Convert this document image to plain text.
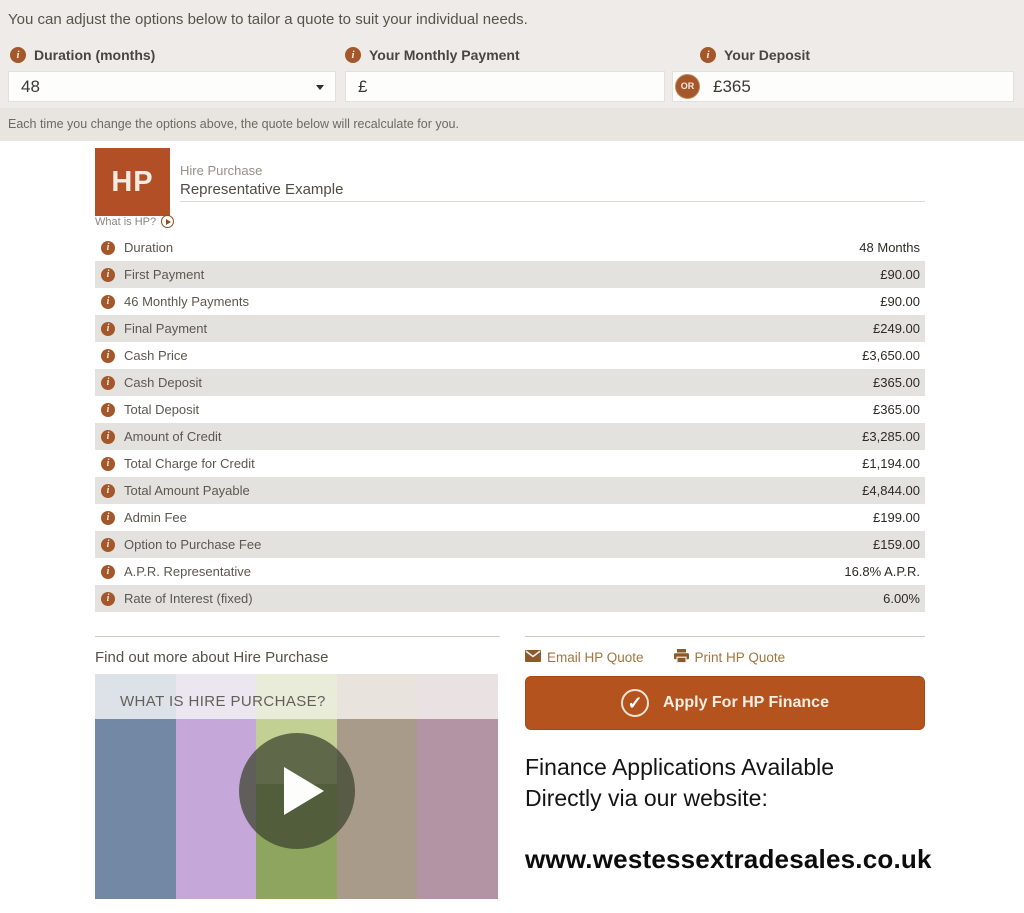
You can adjust the options below to tailor a quote to suit your individual needs.
i	Duration (months)	i	Your Monthly Payment	i	Your Deposit
48	£	OR	£365
Each time you change the options above, the quote below will recalculate for you.
HP	Hire Purchase
Representative Example
What is HP?
i	Duration	48 Months
i	First Payment	£90.00
i	46 Monthly Payments	£90.00
i	Final Payment	£249.00
i	Cash Price	£3,650.00
i	Cash Deposit	£365.00
i	Total Deposit	£365.00
i	Amount of Credit	£3,285.00
i	Total Charge for Credit	£1,194.00
i	Total Amount Payable	£4,844.00
i	Admin Fee	£199.00
i	Option to Purchase Fee	£159.00
i	A.P.R. Representative	16.8% A.P.R.
i	Rate of Interest (fixed)	6.00%
Find out more about Hire Purchase
WHAT IS HIRE PURCHASE?
Email HP Quote	Print HP Quote
✓	Apply For HP Finance
Finance Applications Available
Directly via our website:
www.westessextradesales.co.uk
